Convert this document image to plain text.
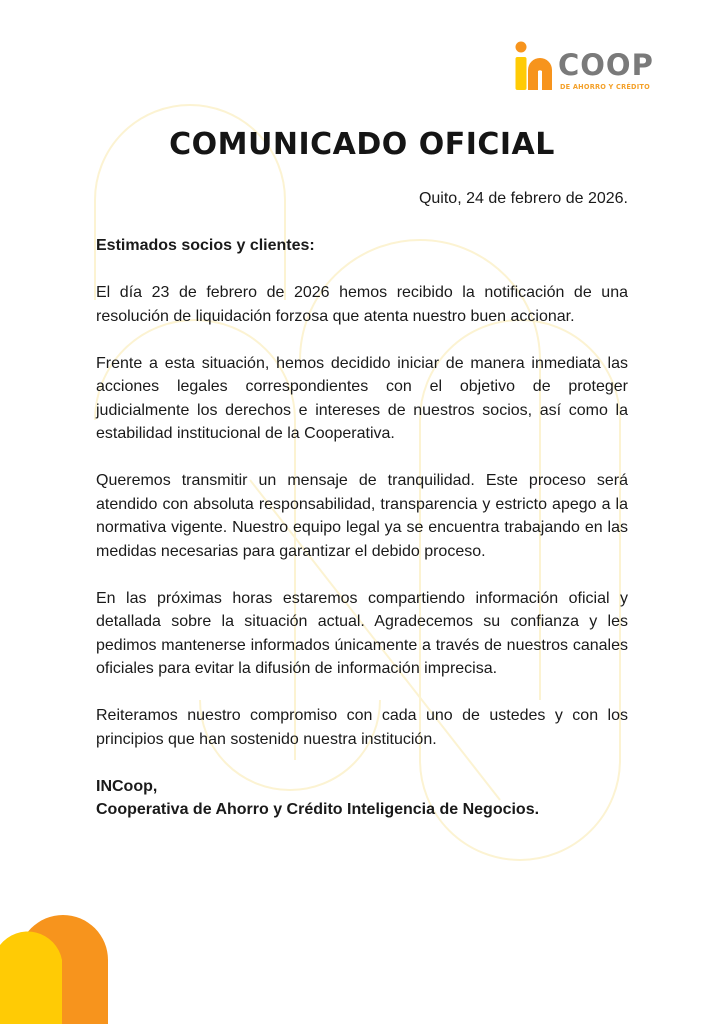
COOP
DE AHORRO Y CRÉDITO
COMUNICADO OFICIAL
Quito, 24 de febrero de 2026.

Estimados socios y clientes:

El día 23 de febrero de 2026 hemos recibido la notificación de una resolución de liquidación forzosa que atenta nuestro buen accionar.

Frente a esta situación, hemos decidido iniciar de manera inmediata las acciones legales correspondientes con el objetivo de proteger judicialmente los derechos e intereses de nuestros socios, así como la estabilidad institucional de la Cooperativa.

Queremos transmitir un mensaje de tranquilidad. Este proceso será atendido con absoluta responsabilidad, transparencia y estricto apego a la normativa vigente. Nuestro equipo legal ya se encuentra trabajando en las medidas necesarias para garantizar el debido proceso.

En las próximas horas estaremos compartiendo información oficial y detallada sobre la situación actual. Agradecemos su confianza y les pedimos mantenerse informados únicamente a través de nuestros canales oficiales para evitar la difusión de información imprecisa.

Reiteramos nuestro compromiso con cada uno de ustedes y con los principios que han sostenido nuestra institución.

INCoop,
Cooperativa de Ahorro y Crédito Inteligencia de Negocios.
